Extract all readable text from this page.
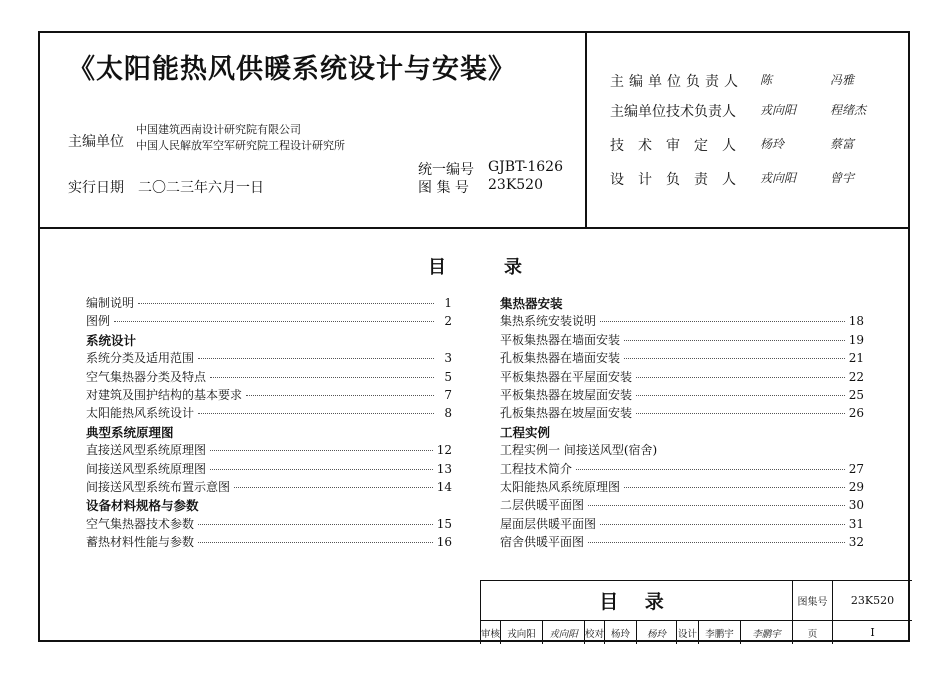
《太阳能热风供暖系统设计与安装》
主编单位
中国建筑西南设计研究院有限公司
中国人民解放军空军研究院工程设计研究所
统一编号 GJBT-1626
实行日期 二〇二三年六月一日	图 集 号 23K520
主编单位负责人 陈	冯雅
主编单位技术负责人 戎向阳	程绪杰
技术审定人 杨玲	蔡富
设计负责人 戎向阳	曾宇
目	录
编制说明	1
图例	2
系统设计
系统分类及适用范围	3
空气集热器分类及特点	5
对建筑及围护结构的基本要求	7
太阳能热风系统设计	8
典型系统原理图
直接送风型系统原理图	12
间接送风型系统原理图	13
间接送风型系统布置示意图	14
设备材料规格与参数
空气集热器技术参数	15
蓄热材料性能与参数	16
集热器安装
集热系统安装说明	18
平板集热器在墙面安装	19
孔板集热器在墙面安装	21
平板集热器在平屋面安装	22
平板集热器在坡屋面安装	25
孔板集热器在坡屋面安装	26
工程实例
工程实例一 间接送风型(宿舍)
工程技术简介	27
太阳能热风系统原理图	29
二层供暖平面图	30
屋面层供暖平面图	31
宿舍供暖平面图	32
目 录	图集号	23K520
审核 戎向阳	戎向阳 校对 杨玲	杨玲	设计 李鹏宇	李鹏宇	页	I
